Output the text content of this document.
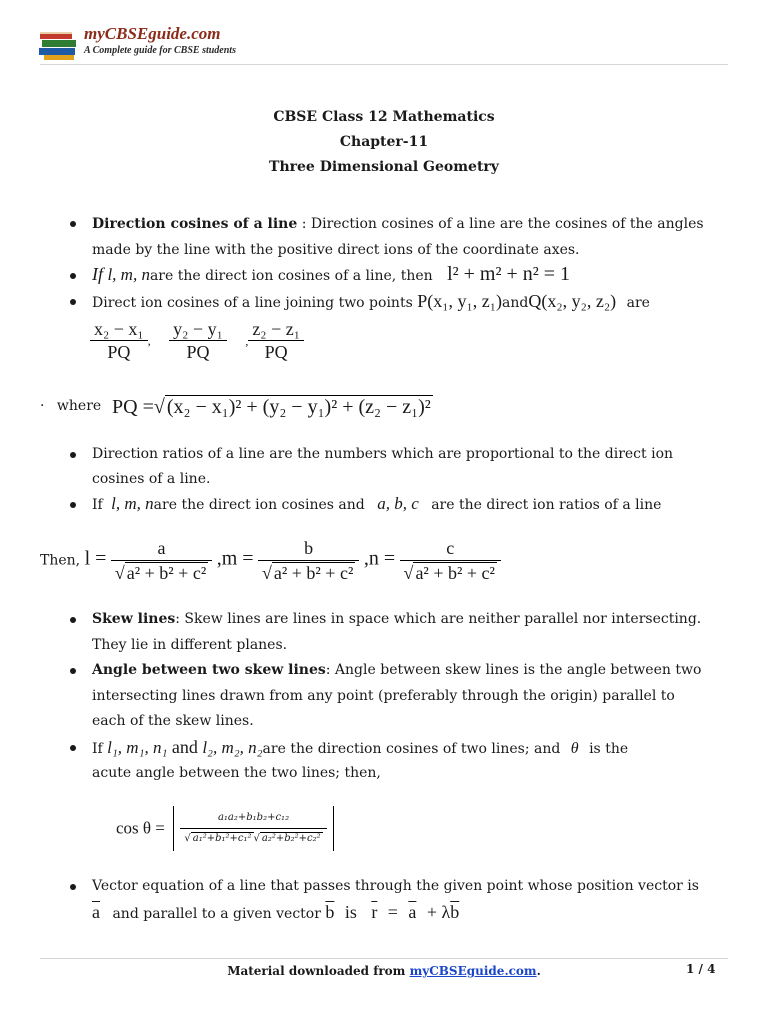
myCBSEguide.com
A Complete guide for CBSE students
CBSE Class 12 Mathematics
Chapter-11
Three Dimensional Geometry
Direction cosines of a line : Direction cosines of a line are the cosines of the angles
made by the line with the positive direct ions of the coordinate axes.
If l, m, nare the direct ion cosines of a line, then l² + m² + n² = 1
Direct ion cosines of a line joining two points P(x₁, y₁, z₁)andQ(x₂, y₂, z₂) are
$\frac{\text{x₂ − x₁}}{PQ}$ , $\frac{\text{y₂ − y₁}}{PQ}$ , $\frac{\text{z₂ − z₁}}{PQ}$
· where PQ =√ (x₂ − x₁)² + (y₂ − y₁)² + (z₂ − z₁)²
Direction ratios of a line are the numbers which are proportional to the direct ion
cosines of a line.
If l, m, nare the direct ion cosines and a, b, c are the direct ion ratios of a line
Then, $l = \frac{a}{\text{√ a² + b² + c²}} ,m = \frac{b}{\text{√ a² + b² + c²}} ,n = \frac{c}{\text{√ a² + b² + c²}}$
Skew lines: Skew lines are lines in space which are neither parallel nor intersecting.
They lie in different planes.
Angle between two skew lines: Angle between skew lines is the angle between two
intersecting lines drawn from any point (preferably through the origin) parallel to
each of the skew lines.
If l₁, m₁, n₁ and l₂, m₂, n₂are the direction cosines of two lines; and θ is the
acute angle between the two lines; then,
$\cos \theta = \frac{\text{a₁a₂+b₁b₂+c₁₂}}{\text{√ a₁²+b₁²+c₁² √ a₂²+b₂²+c₂²}}$
Vector equation of a line that passes through the given point whose position vector is
$\overline{a}$ and parallel to a given vector $\overline{b}$ is $\overline{r} = \overline{a} + \lambda\overline{b}$
Material downloaded from myCBSEguide.com.	1 / 4
